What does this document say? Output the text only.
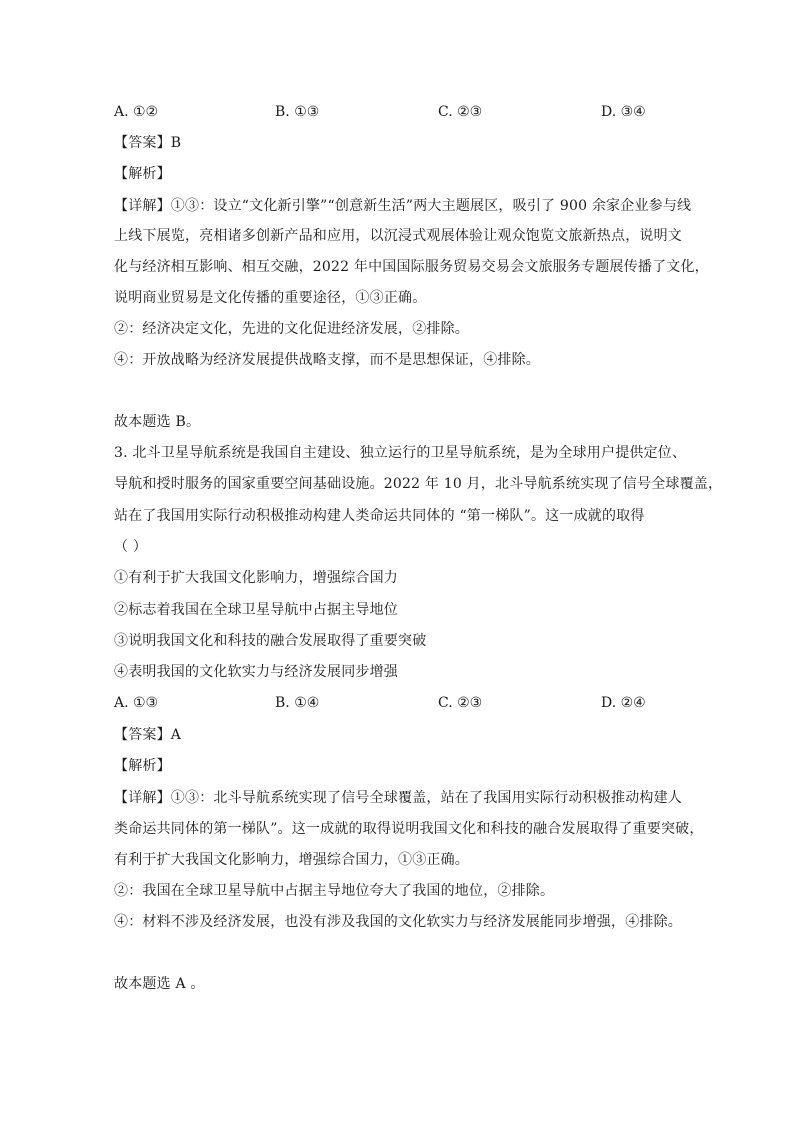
A. ①②	B. ①③	C. ②③	D. ③④
【答案】B
【解析】
【详解】①③：设立“文化新引擎”“创意新生活”两大主题展区，吸引了 900 余家企业参与线
上线下展览，亮相诸多创新产品和应用，以沉浸式观展体验让观众饱览文旅新热点，说明文
化与经济相互影响、相互交融，2022 年中国国际服务贸易交易会文旅服务专题展传播了文化，
说明商业贸易是文化传播的重要途径，①③正确。
②：经济决定文化，先进的文化促进经济发展，②排除。
④：开放战略为经济发展提供战略支撑，而不是思想保证，④排除。
故本题选 B。
3. 北斗卫星导航系统是我国自主建设、独立运行的卫星导航系统，是为全球用户提供定位、
导航和授时服务的国家重要空间基础设施。2022 年 10 月，北斗导航系统实现了信号全球覆盖，
站在了我国用实际行动积极推动构建人类命运共同体的 “第一梯队”。这一成就的取得
（ ）
①有利于扩大我国文化影响力，增强综合国力
②标志着我国在全球卫星导航中占据主导地位
③说明我国文化和科技的融合发展取得了重要突破
④表明我国的文化软实力与经济发展同步增强
A. ①③	B. ①④	C. ②③	D. ②④
【答案】A
【解析】
【详解】①③：北斗导航系统实现了信号全球覆盖，站在了我国用实际行动积极推动构建人
类命运共同体的第一梯队”。这一成就的取得说明我国文化和科技的融合发展取得了重要突破，
有利于扩大我国文化影响力，增强综合国力，①③正确。
②：我国在全球卫星导航中占据主导地位夸大了我国的地位，②排除。
④：材料不涉及经济发展，也没有涉及我国的文化软实力与经济发展能同步增强，④排除。
故本题选 A 。
